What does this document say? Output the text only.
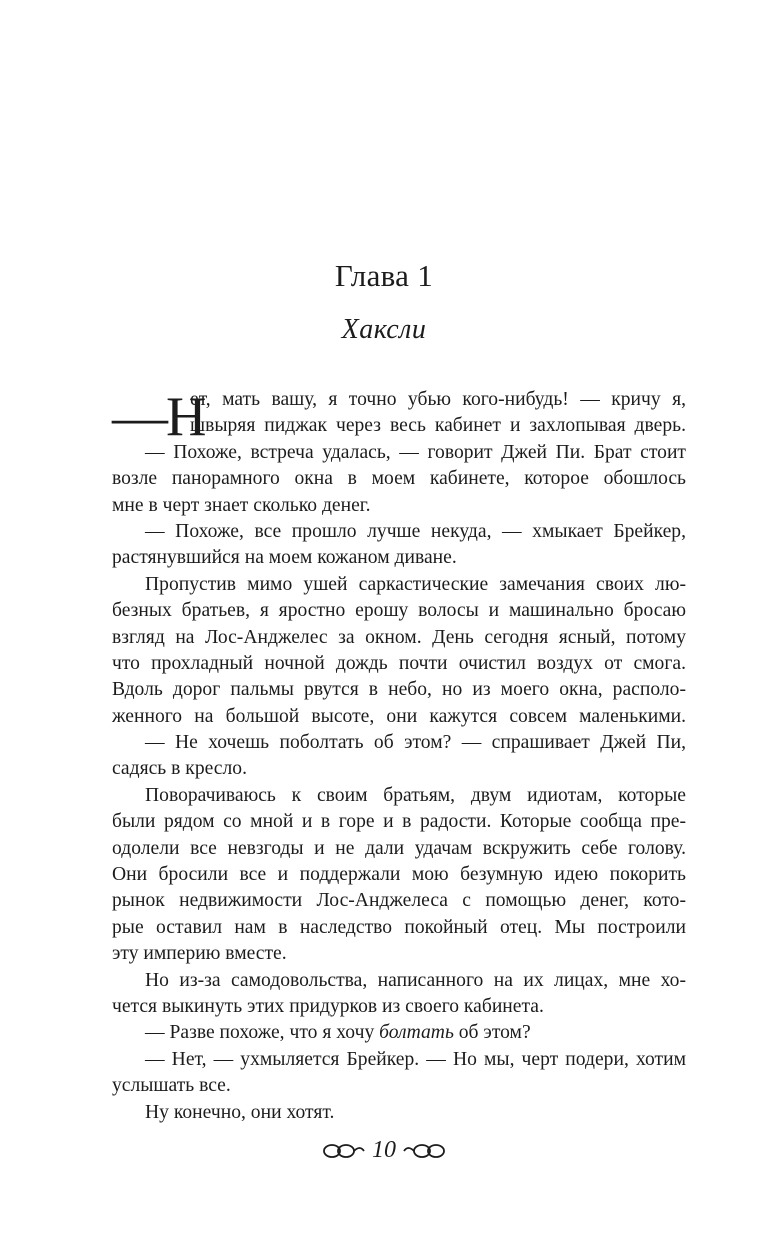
Глава 1
Хаксли
—Н
ет, мать вашу, я точно убью кого-нибудь! — кричу я,
швыряя пиджак через весь кабинет и захлопывая дверь.
— Похоже, встреча удалась, — говорит Джей Пи. Брат стоит
возле панорамного окна в моем кабинете, которое обошлось
мне в черт знает сколько денег.
— Похоже, все прошло лучше некуда, — хмыкает Брейкер,
растянувшийся на моем кожаном диване.
Пропустив мимо ушей саркастические замечания своих лю-
безных братьев, я яростно ерошу волосы и машинально бросаю
взгляд на Лос-Анджелес за окном. День сегодня ясный, потому
что прохладный ночной дождь почти очистил воздух от смога.
Вдоль дорог пальмы рвутся в небо, но из моего окна, располо-
женного на большой высоте, они кажутся совсем маленькими.
— Не хочешь поболтать об этом? — спрашивает Джей Пи,
садясь в кресло.
Поворачиваюсь к своим братьям, двум идиотам, которые
были рядом со мной и в горе и в радости. Которые сообща пре-
одолели все невзгоды и не дали удачам вскружить себе голову.
Они бросили все и поддержали мою безумную идею покорить
рынок недвижимости Лос-Анджелеса с помощью денег, кото-
рые оставил нам в наследство покойный отец. Мы построили
эту империю вместе.
Но из-за самодовольства, написанного на их лицах, мне хо-
чется выкинуть этих придурков из своего кабинета.
— Разве похоже, что я хочу болтать об этом?
— Нет, — ухмыляется Брейкер. — Но мы, черт подери, хотим
услышать все.
Ну конечно, они хотят.
10
